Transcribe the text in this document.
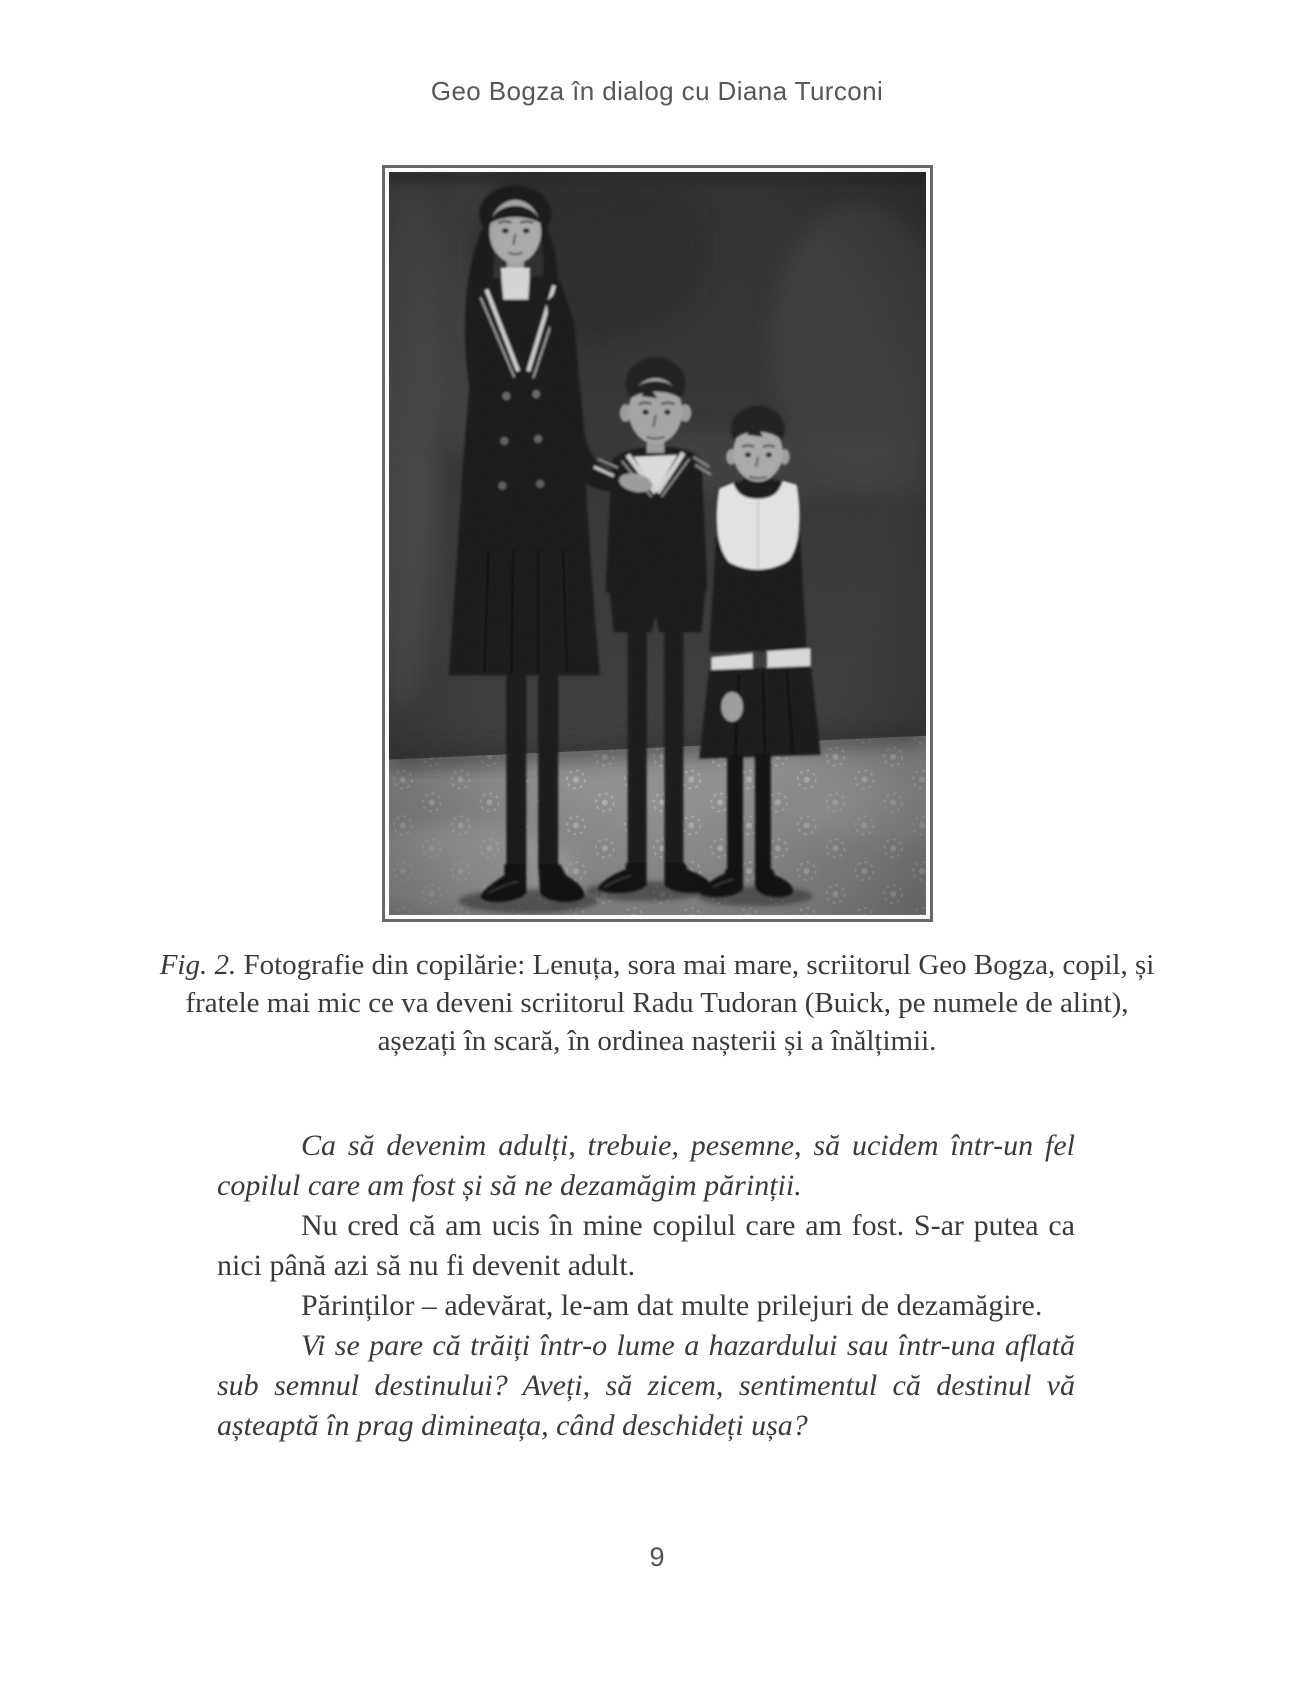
Geo Bogza în dialog cu Diana Turconi
Fig. 2. Fotografie din copilărie: Lenuța, sora mai mare, scriitorul Geo Bogza, copil, și fratele mai mic ce va deveni scriitorul Radu Tudoran (Buick, pe numele de alint), așezați în scară, în ordinea nașterii și a înălțimii.

Ca să devenim adulți, trebuie, pesemne, să ucidem într-un fel copilul care am fost și să ne dezamăgim părinții.

Nu cred că am ucis în mine copilul care am fost. S-ar putea ca nici până azi să nu fi devenit adult.

Părinților – adevărat, le-am dat multe prilejuri de dezamăgire.

Vi se pare că trăiți într-o lume a hazardului sau într-una aflată sub semnul destinului? Aveți, să zicem, sentimentul că destinul vă așteaptă în prag dimineața, când deschideți ușa?

9
